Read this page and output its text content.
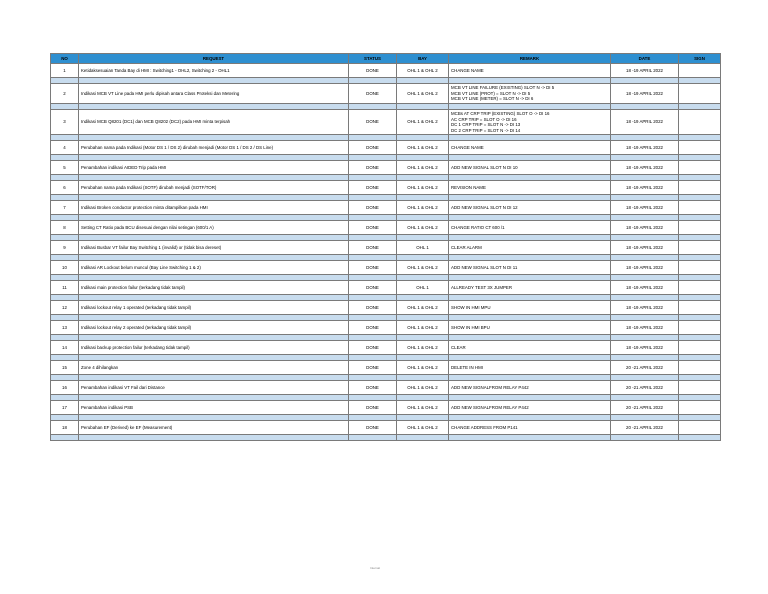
NO	REQUEST	STATUS	BAY	REMARK	DATE	SIGN
1	Ketidaksesuaian Tanda Bay di HMI : Switching1 - OHL2, Switching 2 - OHL1	DONE	OHL 1 & OHL 2	CHANGE NAME	18 -19 APRIL 2022	

2	Indikasi MCB VT Line pada HMI perlu dipisah antara Class Proteksi dan Metering	DONE	OHL 1 & OHL 2	MCB VT LINE FAILURE (EXISTING) SLOT N -> DI 5
MCB VT LINE (PROT) = SLOT N -> DI 5
MCB VT LINE (METER) = SLOT N -> DI 6	18 -19 APRIL 2022	

3	Indikasi MCB Q8201 (DC1) dan MCB Q8202 (DC2) pada HMI minta terpisah	DONE	OHL 1 & OHL 2	MCBs AT CRP TRIP (EXISTING) SLOT O -> DI 16
AC CRP TRIP = SLOT O -> DI 16
DC 1 CRP TRIP = SLOT N -> DI 13
DC 2 CRP TRIP = SLOT N -> DI 14	18 -19 APRIL 2022	

4	Perubahan nama pada Indikasi (Motor DS 1 / DS 2) dirubah menjadi (Motor DS 1 / DS 2 / DS Line)	DONE	OHL 1 & OHL 2	CHANGE NAME	18 -19 APRIL 2022	

5	Penambahan indikasi AIDED Trip pada HMI	DONE	OHL 1 & OHL 2	ADD NEW SIGNAL SLOT N DI 10	18 -19 APRIL 2022	

6	Perubahan nama pada Indikasi (SOTF) dirubah menjadi (SOTF/TOR)	DONE	OHL 1 & OHL 2	REVISION NAME	18 -19 APRIL 2022	

7	Indikasi Broken conductor protection minta ditampilkan pada HMI	DONE	OHL 1 & OHL 2	ADD NEW SIGNAL SLOT N DI 12	18 -19 APRIL 2022	

8	Setting CT Ratio pada BCU disesuai dengan nilai setingan (600/1 A)	DONE	OHL 1 & OHL 2	CHANGE RATIO CT 600 /1	18 -19 APRIL 2022	

9	Indikasi Busbar VT failur Bay Switching 1 (invalid) or (tidak bisa dereset)	DONE	OHL 1	CLEAR ALARM	18 -19 APRIL 2022	

10	Indikasi AR Lockout belum muncul (Bay Line Switching 1 & 2)	DONE	OHL 1 & OHL 2	ADD NEW SIGNAL SLOT N DI 11	18 -19 APRIL 2022	

11	Indikasi main protection failur (terkadang tidak tampil)	DONE	OHL 1	ALLREADY TEST 3X JUMPER	18 -19 APRIL 2022	

12	Indikasi lockout relay 1 operated (terkadang tidak tampil)	DONE	OHL 1 & OHL 2	SHOW IN HMI MPU	18 -19 APRIL 2022	

13	Indikasi lockout relay 2 operated (terkadang tidak tampil)	DONE	OHL 1 & OHL 2	SHOW IN HMI BPU	18 -19 APRIL 2022	

14	Indikasi backup protection failur (terkadang tidak tampil)	DONE	OHL 1 & OHL 2	CLEAR	18 -19 APRIL 2022	

15	Zone 4 dihilangkan	DONE	OHL 1 & OHL 2	DELETE IN HMI	20 -21 APRIL 2022	

16	Penambahan indikasi VT Fail dari Distance	DONE	OHL 1 & OHL 2	ADD NEW SIGNALFROM RELAY P442	20 -21 APRIL 2022	

17	Penambahan indikasi PSB	DONE	OHL 1 & OHL 2	ADD NEW SIGNALFROM RELAY P442	20 -21 APRIL 2022	

18	Perubahan EF (Derived) ke EF (Measurement)	DONE	OHL 1 & OHL 2	CHANGE ADDRESS FROM P141	20 -21 APRIL 2022	

Internal
